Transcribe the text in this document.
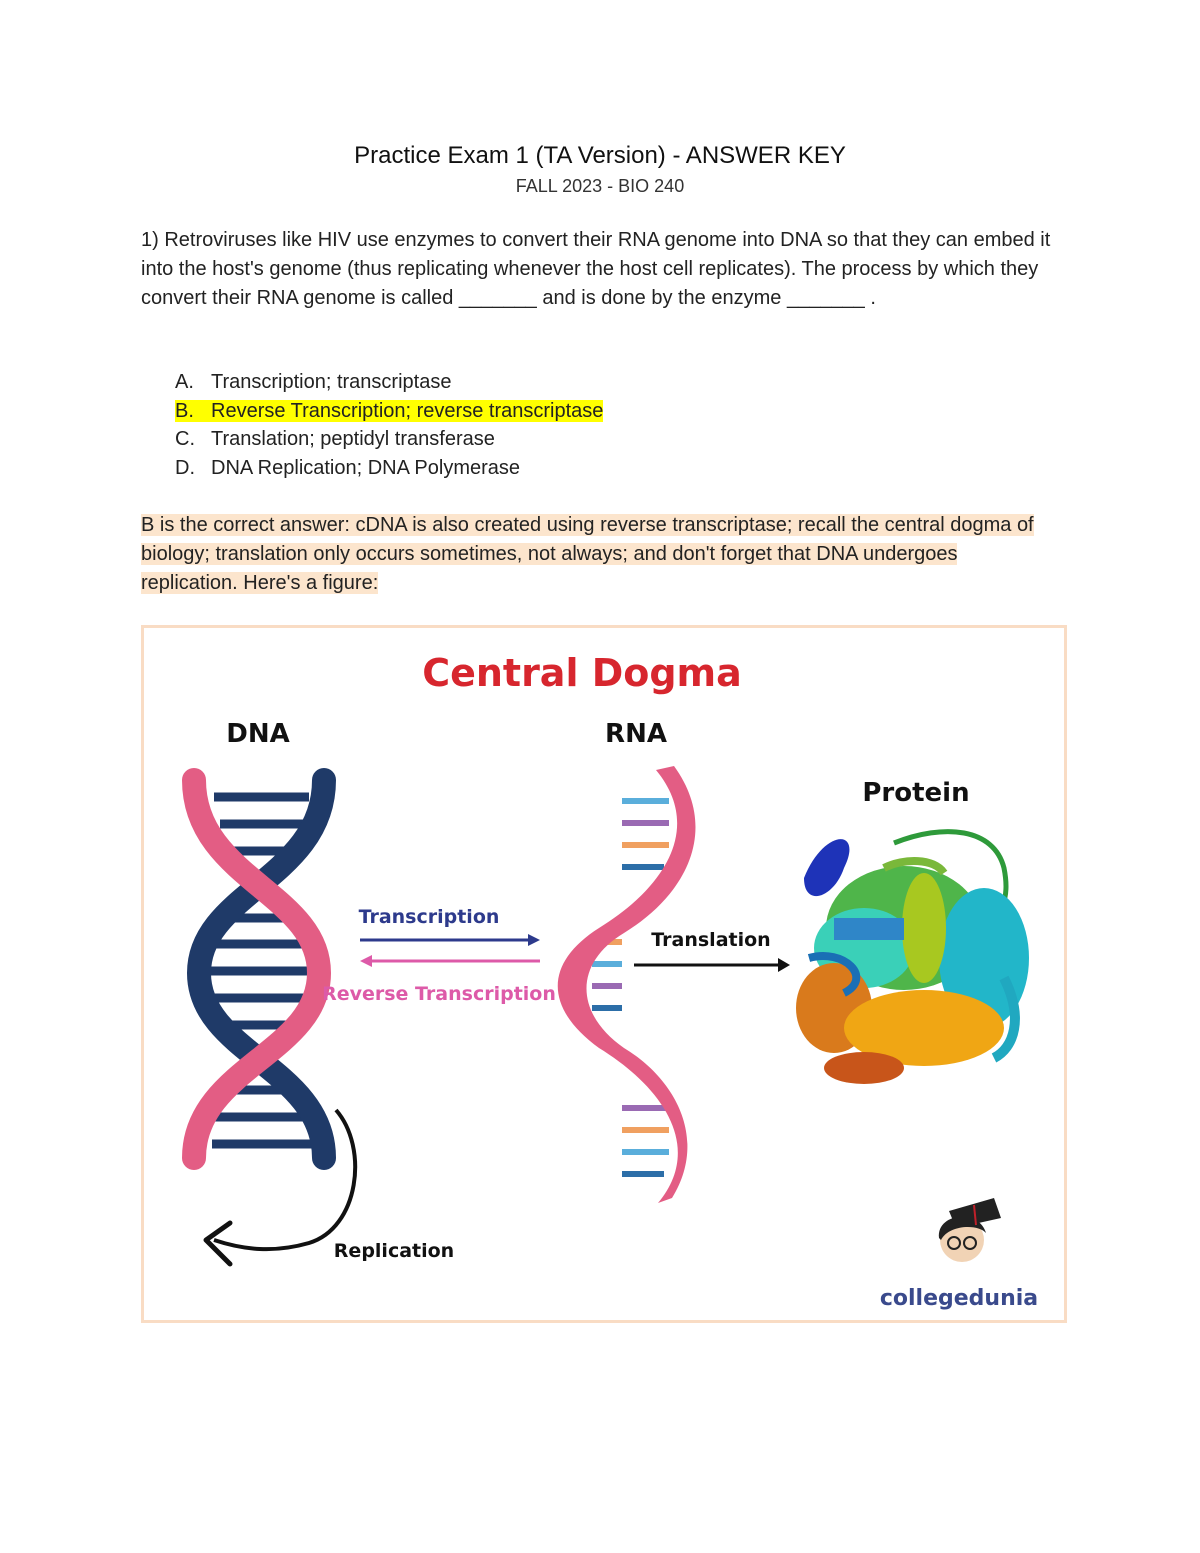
Practice Exam 1 (TA Version) - ANSWER KEY
FALL 2023 - BIO 240
1) Retroviruses like HIV use enzymes to convert their RNA genome into DNA so that they can embed it into the host's genome (thus replicating whenever the host cell replicates). The process by which they convert their RNA genome is called _______ and is done by the enzyme _______ .
A. Transcription; transcriptase
B. Reverse Transcription; reverse transcriptase
C. Translation; peptidyl transferase
D. DNA Replication; DNA Polymerase
B is the correct answer: cDNA is also created using reverse transcriptase; recall the central dogma of biology; translation only occurs sometimes, not always; and don't forget that DNA undergoes replication. Here's a figure:
Central Dogma
DNA	RNA
Protein
Replication
Transcription
Reverse Transcription
Translation
collegedunia
